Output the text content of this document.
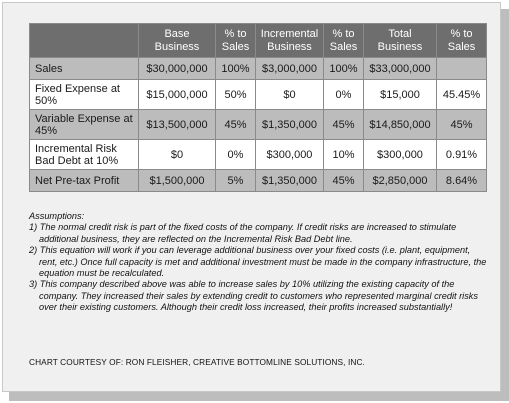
	Base Business	% to Sales	Incremental Business	% to Sales	Total Business	% to Sales
Sales	$30,000,000	100%	$3,000,000	100%	$33,000,000	
Fixed Expense at 50%	$15,000,000	50%	$0	0%	$15,000	45.45%
Variable Expense at 45%	$13,500,000	45%	$1,350,000	45%	$14,850,000	45%
Incremental Risk Bad Debt at 10%	$0	0%	$300,000	10%	$300,000	0.91%
Net Pre-tax Profit	$1,500,000	5%	$1,350,000	45%	$2,850,000	8.64%

Assumptions:

1) The normal credit risk is part of the fixed costs of the company. If credit risks are increased to stimulate additional business, they are reflected on the Incremental Risk Bad Debt line.

2) This equation will work if you can leverage additional business over your fixed costs (i.e. plant, equipment, rent, etc.) Once full capacity is met and additional investment must be made in the company infrastructure, the equation must be recalculated.

3) This company described above was able to increase sales by 10% utilizing the existing capacity of the company. They increased their sales by extending credit to customers who represented marginal credit risks over their existing customers. Although their credit loss increased, their profits increased substantially!

CHART COURTESY OF: RON FLEISHER, CREATIVE BOTTOMLINE SOLUTIONS, INC.
